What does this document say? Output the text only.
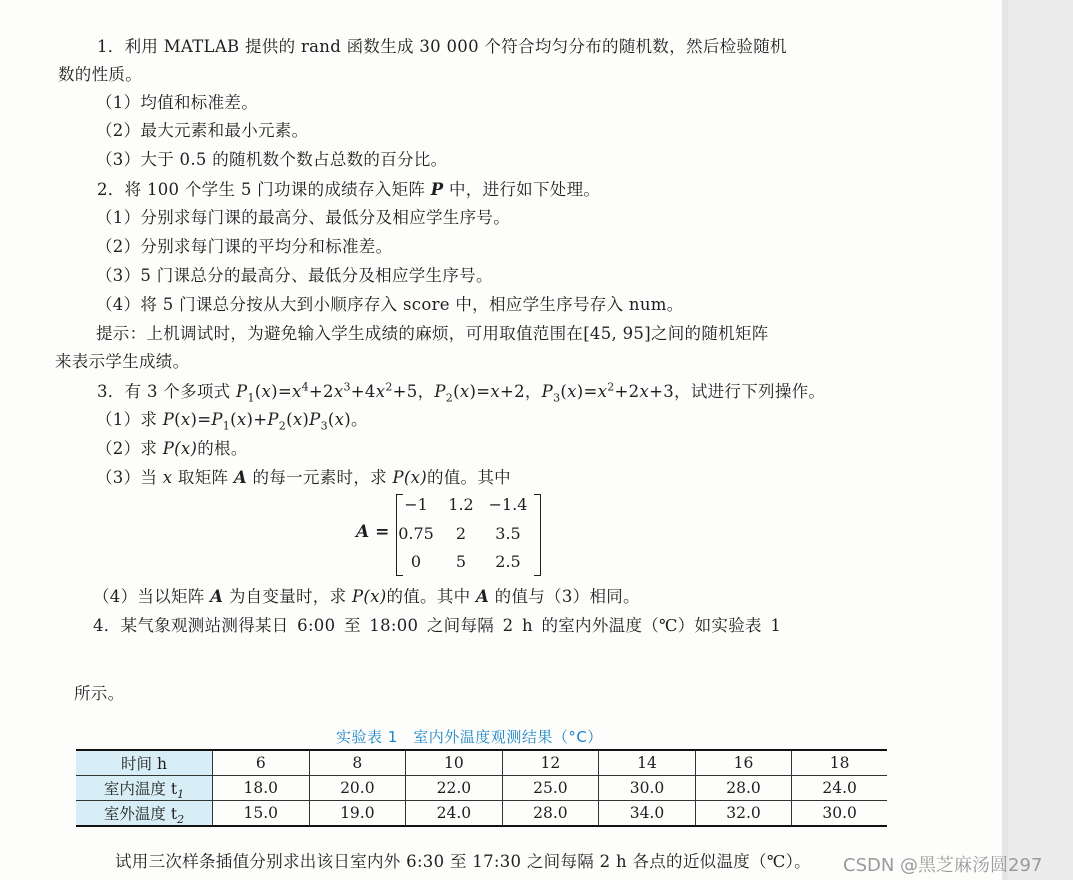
1．利用 MATLAB 提供的 rand 函数生成 30 000 个符合均匀分布的随机数，然后检验随机
数的性质。
（1）均值和标准差。
（2）最大元素和最小元素。
（3）大于 0.5 的随机数个数占总数的百分比。
2．将 100 个学生 5 门功课的成绩存入矩阵 P 中，进行如下处理。
（1）分别求每门课的最高分、最低分及相应学生序号。
（2）分别求每门课的平均分和标准差。
（3）5 门课总分的最高分、最低分及相应学生序号。
（4）将 5 门课总分按从大到小顺序存入 score 中，相应学生序号存入 num。
提示：上机调试时，为避免输入学生成绩的麻烦，可用取值范围在[45, 95]之间的随机矩阵
来表示学生成绩。
3．有 3 个多项式 $P_1(x)=x^4+2x^3+4x^2+5$，$P_2(x)=x+2$，$P_3(x)=x^2+2x+3$，试进行下列操作。
（1）求 $P(x)=P_1(x)+P_2(x)P_3(x)$。
（2）求 P(x)的根。
（3）当 x 取矩阵 A 的每一元素时，求 P(x)的值。其中
A =
−1	1.2 −1.4
0.75	2	3.5
0	5	2.5
（4）当以矩阵 A 为自变量时，求 P(x)的值。其中 A 的值与（3）相同。
4．某气象观测站测得某日 6:00 至 18:00 之间每隔 2 h 的室内外温度（℃）如实验表 1
所示。
实验表 1　室内外温度观测结果（°C）
时间 h	6	8	10	12	14	16	18
室内温度 $t_1$	18.0	20.0	22.0	25.0	30.0	28.0	24.0
室外温度 $t_2$	15.0	19.0	24.0	28.0	34.0	32.0	30.0
试用三次样条插值分别求出该日室内外 6:30 至 17:30 之间每隔 2 h 各点的近似温度（℃）。 CSDN @黑芝麻汤圆297
